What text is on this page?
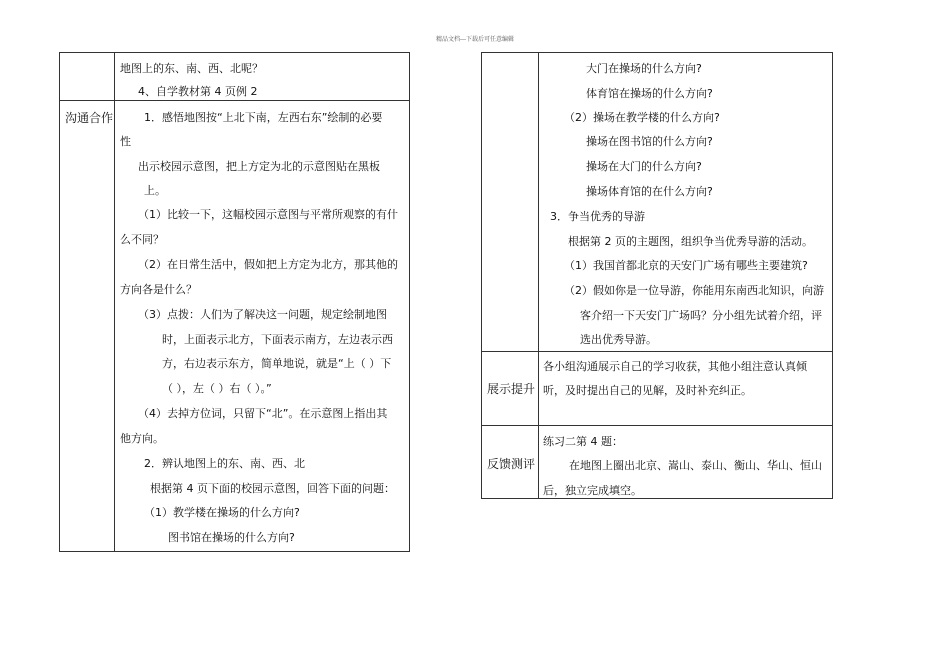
精品文档---下载后可任意编辑
沟通合作
地图上的东、南、西、北呢？
4、自学教材第 4 页例 2
1．感悟地图按“上北下南，左西右东”绘制的必要
性
出示校园示意图，把上方定为北的示意图贴在黑板
上。
（1）比较一下，这幅校园示意图与平常所观察的有什
么不同？
（2）在日常生活中，假如把上方定为北方，那其他的
方向各是什么？
（3）点拨：人们为了解决这一问题，规定绘制地图
时，上面表示北方，下面表示南方，左边表示西
方，右边表示东方，简单地说，就是“上（ ）下
（ ），左（ ）右（ ）。”
（4）去掉方位词，只留下“北”。在示意图上指出其
他方向。
2．辨认地图上的东、南、西、北
根据第 4 页下面的校园示意图，回答下面的问题：
（1）教学楼在操场的什么方向?
图书馆在操场的什么方向?
大门在操场的什么方向?
体育馆在操场的什么方向?
（2）操场在教学楼的什么方向?
操场在图书馆的什么方向?
操场在大门的什么方向?
操场体育馆的在什么方向?
3．争当优秀的导游
根据第 2 页的主题图，组织争当优秀导游的活动。
（1）我国首都北京的天安门广场有哪些主要建筑?
（2）假如你是一位导游，你能用东南西北知识，向游
客介绍一下天安门广场吗？分小组先试着介绍，评
选出优秀导游。
展示提升
各小组沟通展示自己的学习收获，其他小组注意认真倾
听，及时提出自己的见解，及时补充纠正。
反馈测评
练习二第 4 题：
在地图上圈出北京、嵩山、泰山、衡山、华山、恒山
后，独立完成填空。
